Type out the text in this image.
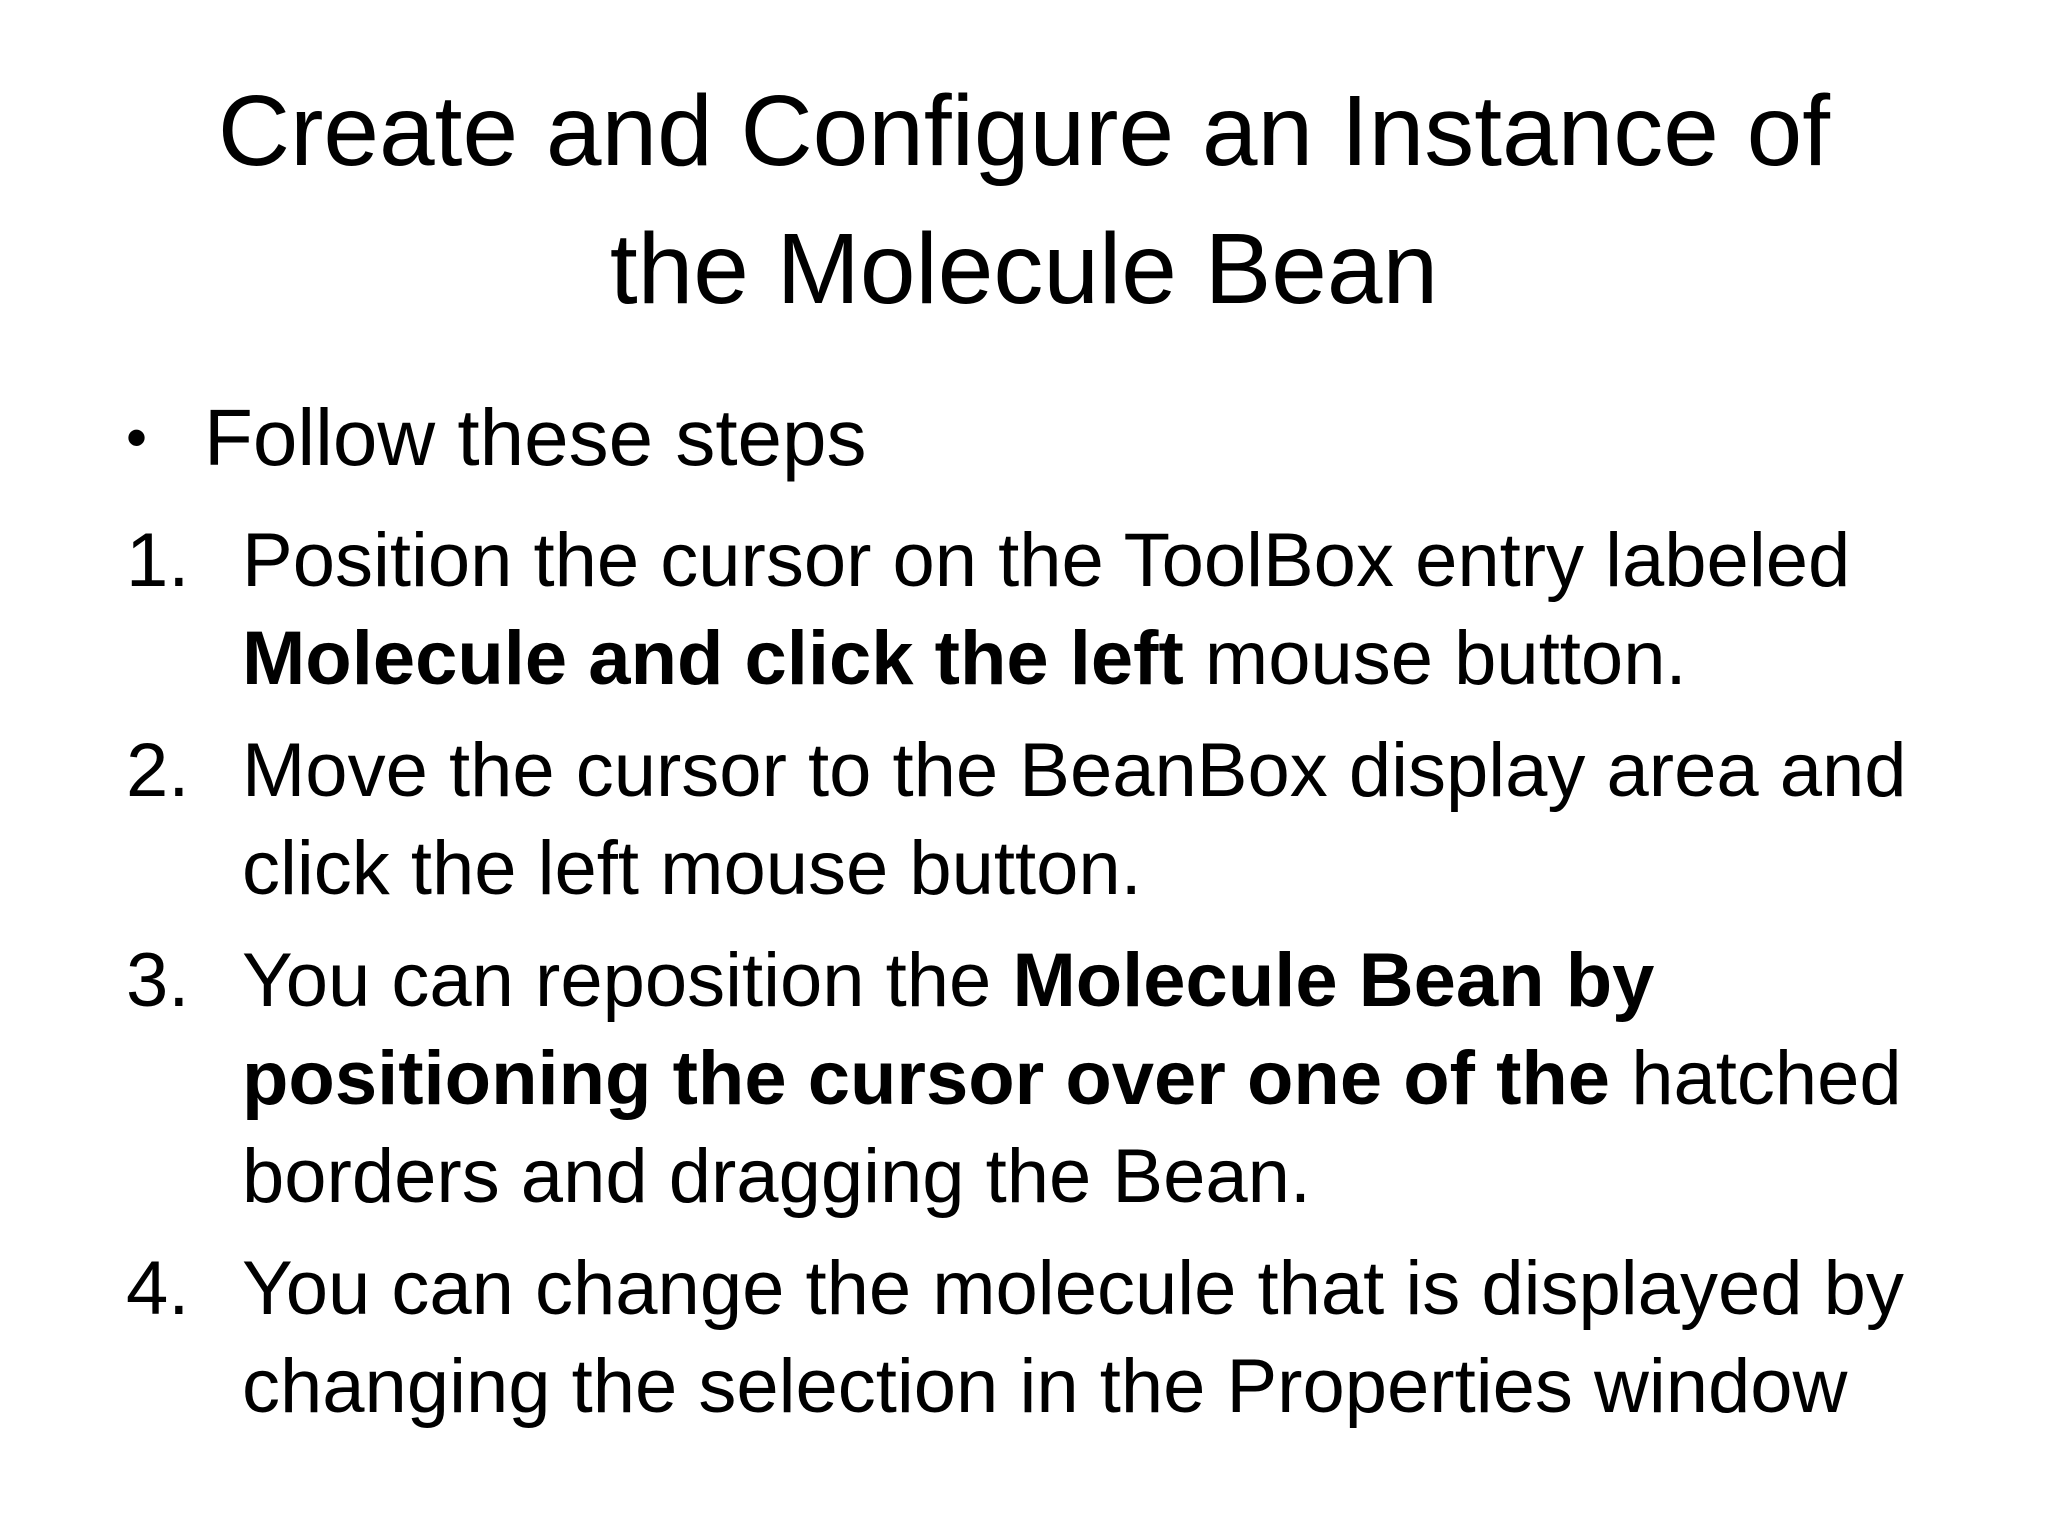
Create and Configure an Instance of
the Molecule Bean
• Follow these steps
1. Position the cursor on the ToolBox entry labeled Molecule and click the left mouse button.
2. Move the cursor to the BeanBox display area and click the left mouse button.
3. You can reposition the Molecule Bean by positioning the cursor over one of the hatched borders and dragging the Bean.
4. You can change the molecule that is displayed by changing the selection in the Properties window
